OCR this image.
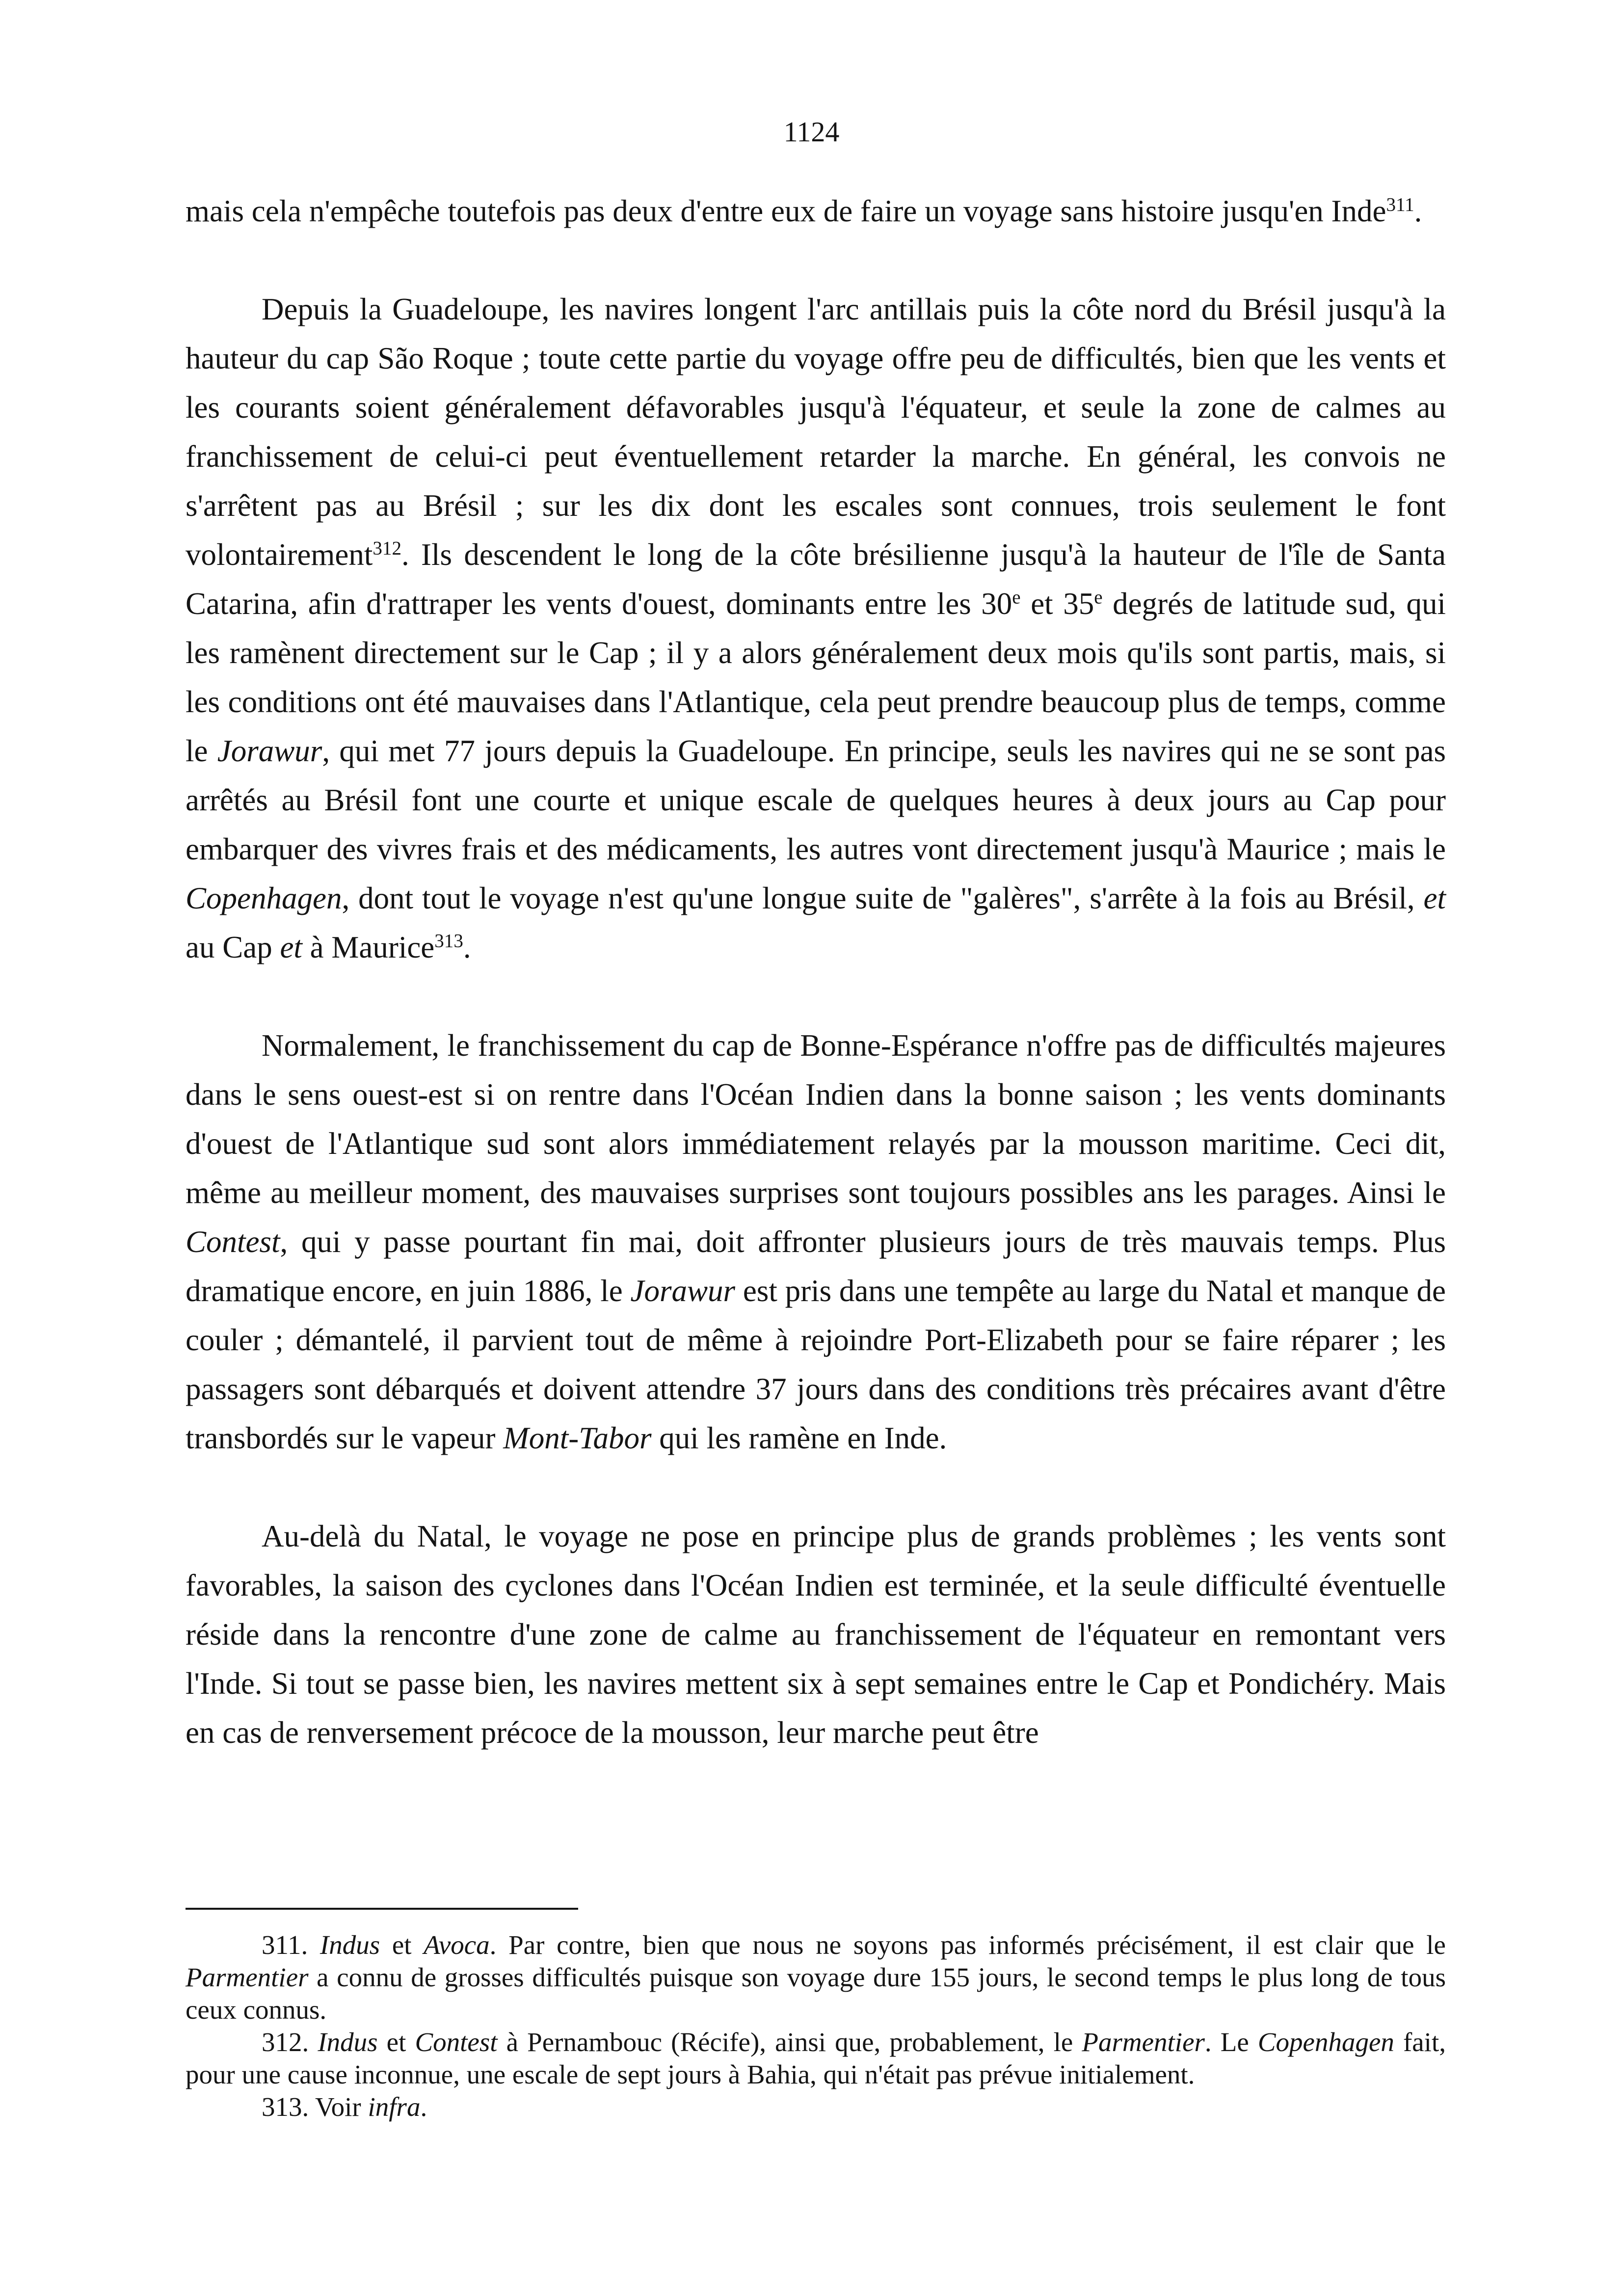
1124

mais cela n'empêche toutefois pas deux d'entre eux de faire un voyage sans histoire jusqu'en Inde$^{311}$.

Depuis la Guadeloupe, les navires longent l'arc antillais puis la côte nord du Brésil jusqu'à la hauteur du cap São Roque ; toute cette partie du voyage offre peu de difficultés, bien que les vents et les courants soient généralement défavorables jusqu'à l'équateur, et seule la zone de calmes au franchissement de celui-ci peut éventuellement retarder la marche. En général, les convois ne s'arrêtent pas au Brésil ; sur les dix dont les escales sont connues, trois seulement le font volontairement$^{312}$. Ils descendent le long de la côte brésilienne jusqu'à la hauteur de l'île de Santa Catarina, afin d'rattraper les vents d'ouest, dominants entre les 30e et 35e degrés de latitude sud, qui les ramènent directement sur le Cap ; il y a alors généralement deux mois qu'ils sont partis, mais, si les conditions ont été mauvaises dans l'Atlantique, cela peut prendre beaucoup plus de temps, comme le Jorawur, qui met 77 jours depuis la Guadeloupe. En principe, seuls les navires qui ne se sont pas arrêtés au Brésil font une courte et unique escale de quelques heures à deux jours au Cap pour embarquer des vivres frais et des médicaments, les autres vont directement jusqu'à Maurice ; mais le Copenhagen, dont tout le voyage n'est qu'une longue suite de "galères", s'arrête à la fois au Brésil, et au Cap et à Maurice$^{313}$.

Normalement, le franchissement du cap de Bonne-Espérance n'offre pas de difficultés majeures dans le sens ouest-est si on rentre dans l'Océan Indien dans la bonne saison ; les vents dominants d'ouest de l'Atlantique sud sont alors immédiatement relayés par la mousson maritime. Ceci dit, même au meilleur moment, des mauvaises surprises sont toujours possibles ans les parages. Ainsi le Contest, qui y passe pourtant fin mai, doit affronter plusieurs jours de très mauvais temps. Plus dramatique encore, en juin 1886, le Jorawur est pris dans une tempête au large du Natal et manque de couler ; démantelé, il parvient tout de même à rejoindre Port-Elizabeth pour se faire réparer ; les passagers sont débarqués et doivent attendre 37 jours dans des conditions très précaires avant d'être transbordés sur le vapeur Mont-Tabor qui les ramène en Inde.

Au-delà du Natal, le voyage ne pose en principe plus de grands problèmes ; les vents sont favorables, la saison des cyclones dans l'Océan Indien est terminée, et la seule difficulté éventuelle réside dans la rencontre d'une zone de calme au franchissement de l'équateur en remontant vers l'Inde. Si tout se passe bien, les navires mettent six à sept semaines entre le Cap et Pondichéry. Mais en cas de renversement précoce de la mousson, leur marche peut être

311. Indus et Avoca. Par contre, bien que nous ne soyons pas informés précisément, il est clair que le Parmentier a connu de grosses difficultés puisque son voyage dure 155 jours, le second temps le plus long de tous ceux connus.

312. Indus et Contest à Pernambouc (Récife), ainsi que, probablement, le Parmentier. Le Copenhagen fait, pour une cause inconnue, une escale de sept jours à Bahia, qui n'était pas prévue initialement.

313. Voir infra.
